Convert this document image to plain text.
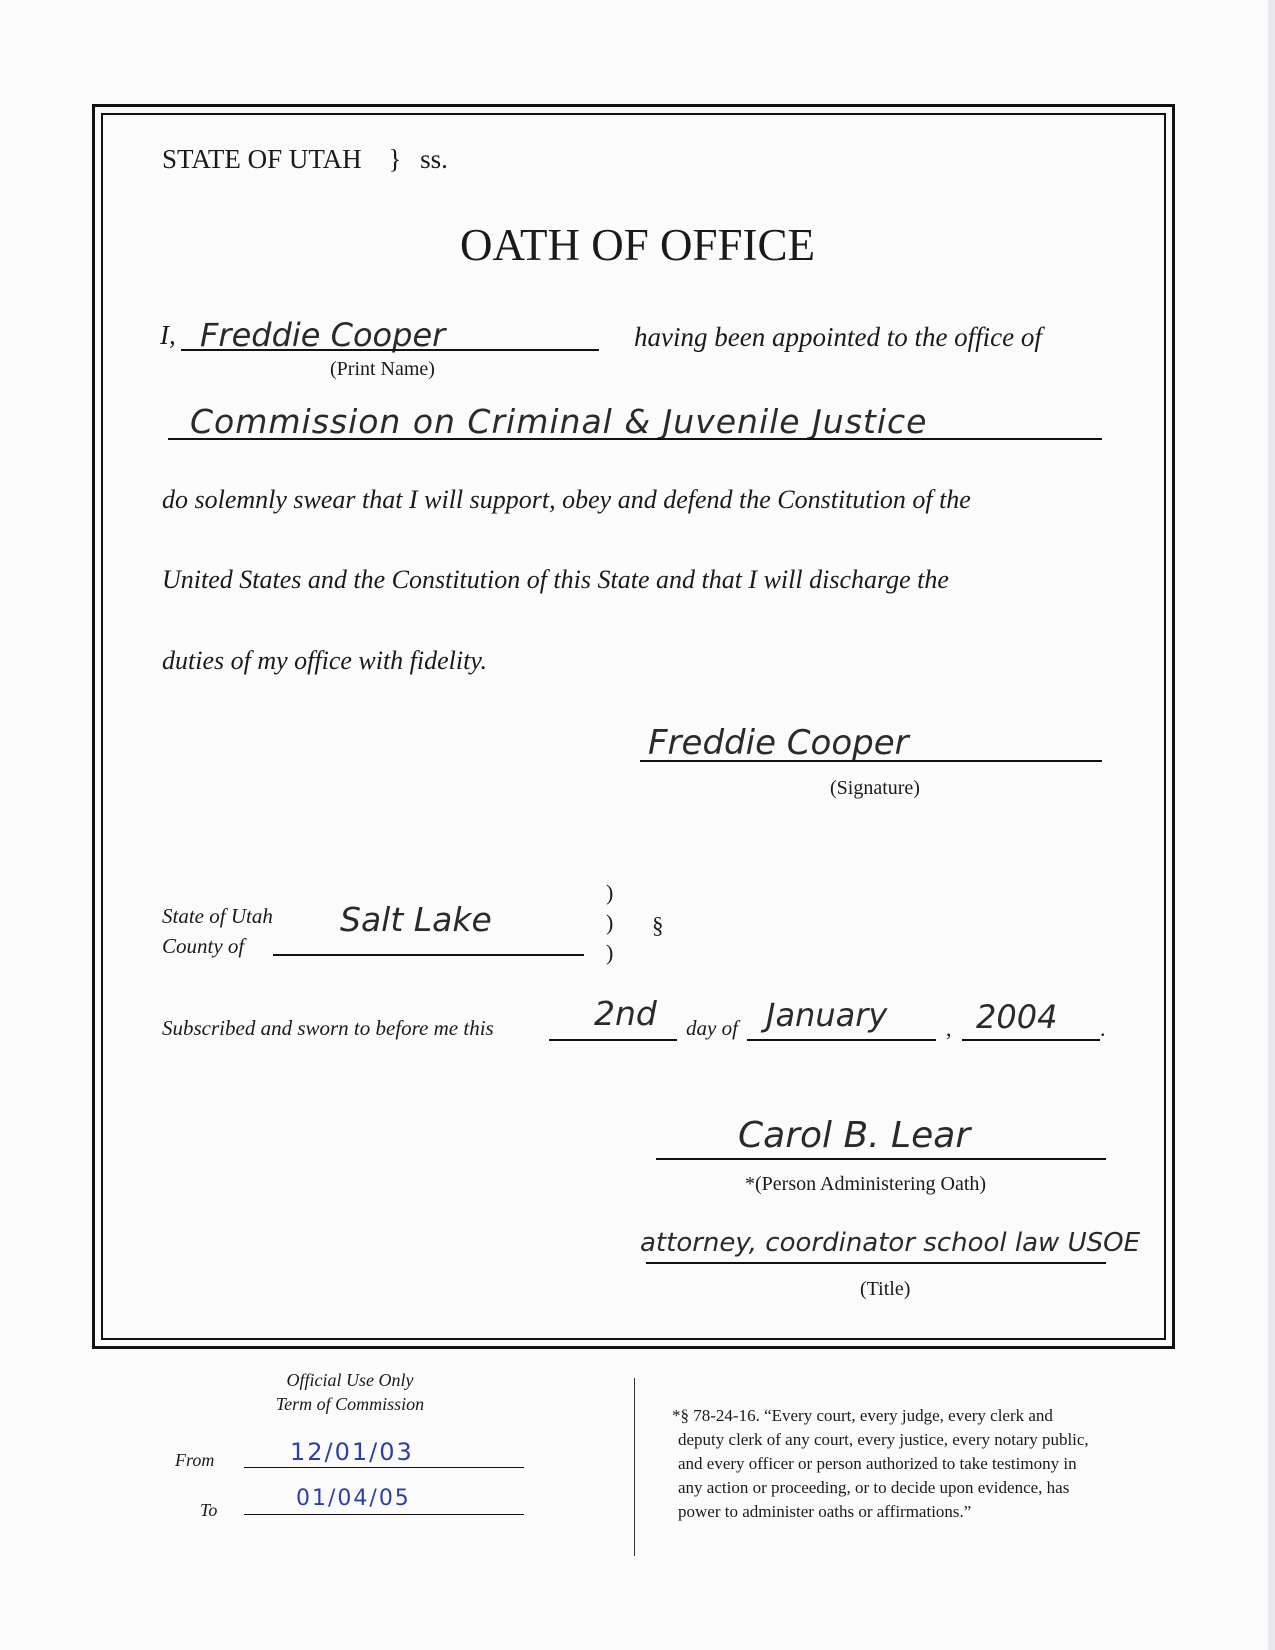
STATE OF UTAH } ss.
OATH OF OFFICE
I, Freddie Cooper
(Print Name)
having been appointed to the office of
Commission on Criminal & Juvenile Justice
do solemnly swear that I will support, obey and defend the Constitution of the
United States and the Constitution of this State and that I will discharge the
duties of my office with fidelity.
Freddie Cooper
(Signature)
State of Utah
County of
Salt Lake
)
)
)
§
Subscribed and sworn to before me this	2nd day of January	, 2004 .
Carol B. Lear
*(Person Administering Oath)
attorney, coordinator school law USOE
(Title)
Official Use Only
Term of Commission
From	12/01/03
To	01/04/05
*§ 78-24-16. “Every court, every judge, every clerk and
deputy clerk of any court, every justice, every notary public,
and every officer or person authorized to take testimony in
any action or proceeding, or to decide upon evidence, has
power to administer oaths or affirmations.”
